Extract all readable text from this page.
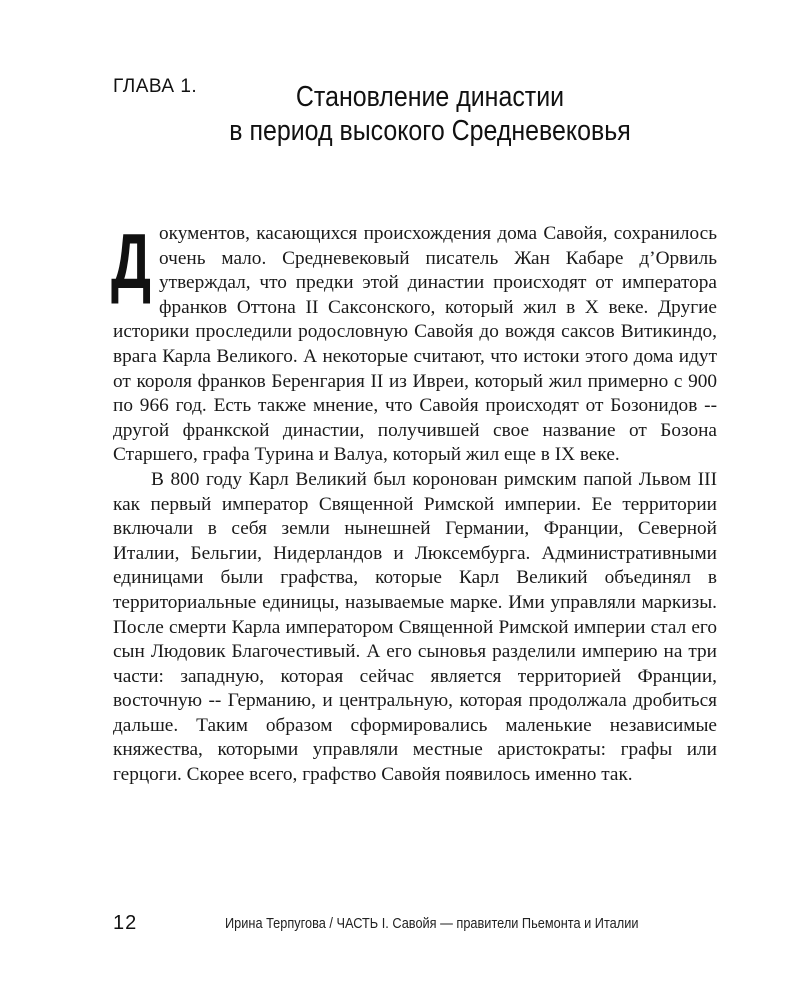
ГЛАВА 1.	Становление династии
в период высокого Средневековья

Документов, касающихся происхождения дома Савойя, сохранилось очень мало. Средневековый писатель Жан Кабаре д’Орвиль утверждал, что предки этой династии происходят от императора франков Оттона II Саксонского, который жил в X веке. Другие историки проследили родословную Савойя до вождя саксов Витикиндо, врага Карла Великого. А некоторые считают, что истоки этого дома идут от короля франков Беренгария II из Ивреи, который жил примерно с 900 по 966 год. Есть также мнение, что Савойя происходят от Бозонидов -- другой франкской династии, получившей свое название от Бозона Старшего, графа Турина и Валуа, который жил еще в IX веке.

В 800 году Карл Великий был коронован римским папой Львом III как первый император Священной Римской империи. Ее территории включали в себя земли нынешней Германии, Франции, Северной Италии, Бельгии, Нидерландов и Люксембурга. Административными единицами были графства, которые Карл Великий объединял в территориальные единицы, называемые марке. Ими управляли маркизы. После смерти Карла императором Священной Римской империи стал его сын Людовик Благочестивый. А его сыновья разделили империю на три части: западную, которая сейчас является территорией Франции, восточную -- Германию, и центральную, которая продолжала дробиться дальше. Таким образом сформировались маленькие независимые княжества, которыми управляли местные аристократы: графы или герцоги. Скорее всего, графство Савойя появилось именно так.

12	Ирина Терпугова / ЧАСТЬ I. Савойя — правители Пьемонта и Италии
